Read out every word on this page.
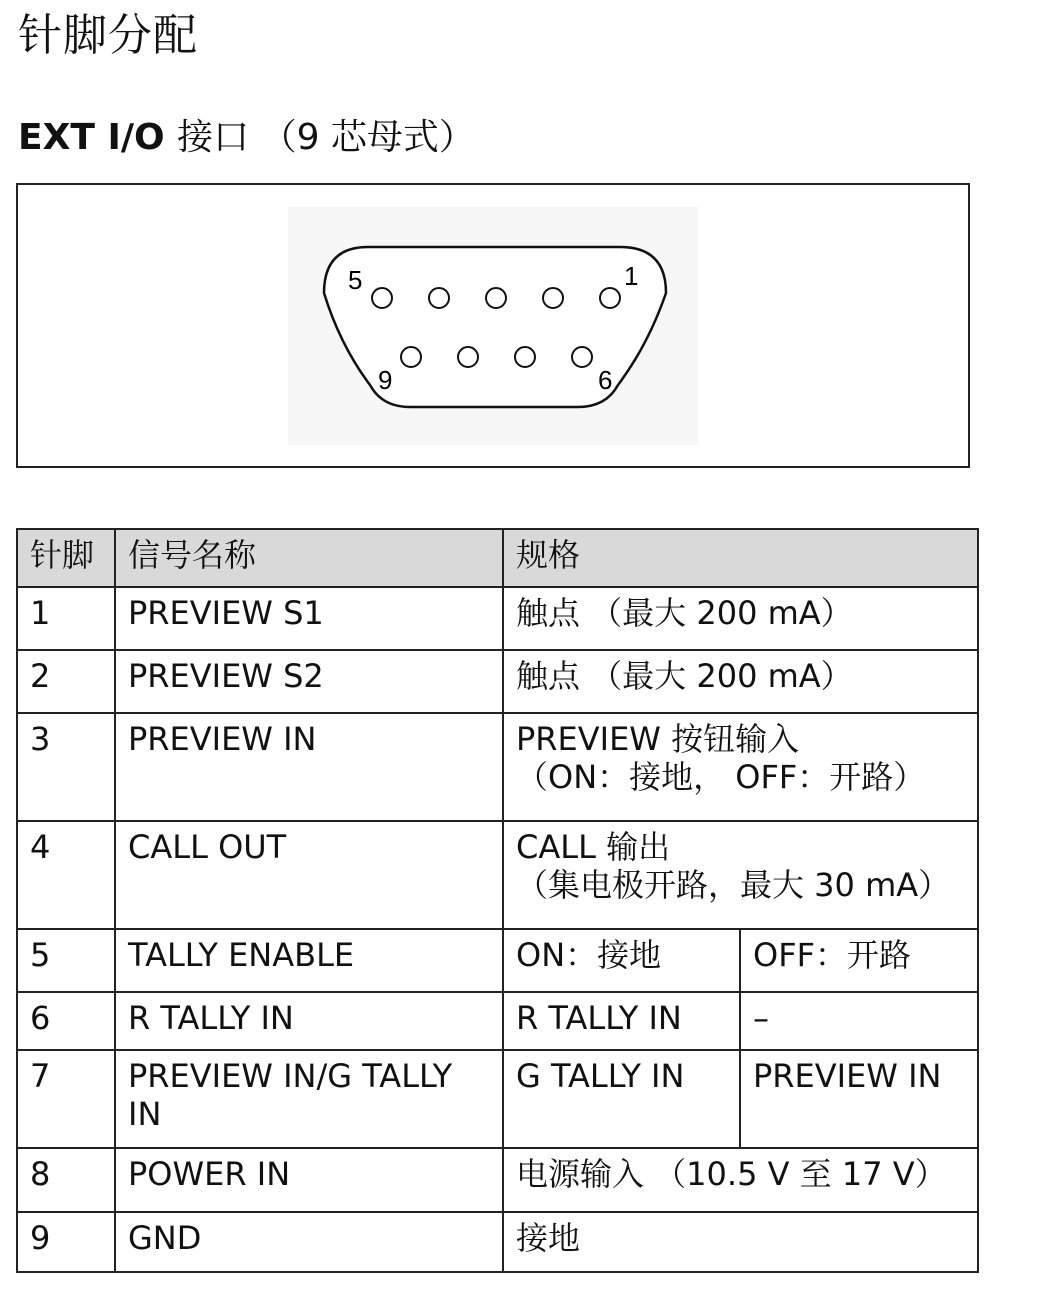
针脚分配
EXT I/O 接口 （9 芯母式）
5	1
9	6
针脚	信号名称	规格	
1	PREVIEW S1	触点 （最大 200 mA）	
2	PREVIEW S2	触点 （最大 200 mA）	
3	PREVIEW IN	PREVIEW 按钮输入
（ON：接地， OFF：开路）	

4	CALL OUT	CALL 输出
（集电极开路，最大 30 mA）	

5	TALLY ENABLE	ON：接地	OFF：开路
6	R TALLY IN	R TALLY IN	–
7	PREVIEW IN/G TALLY IN	G TALLY IN	PREVIEW IN
8	POWER IN	电源输入 （10.5 V 至 17 V）	
9	GND	接地	
